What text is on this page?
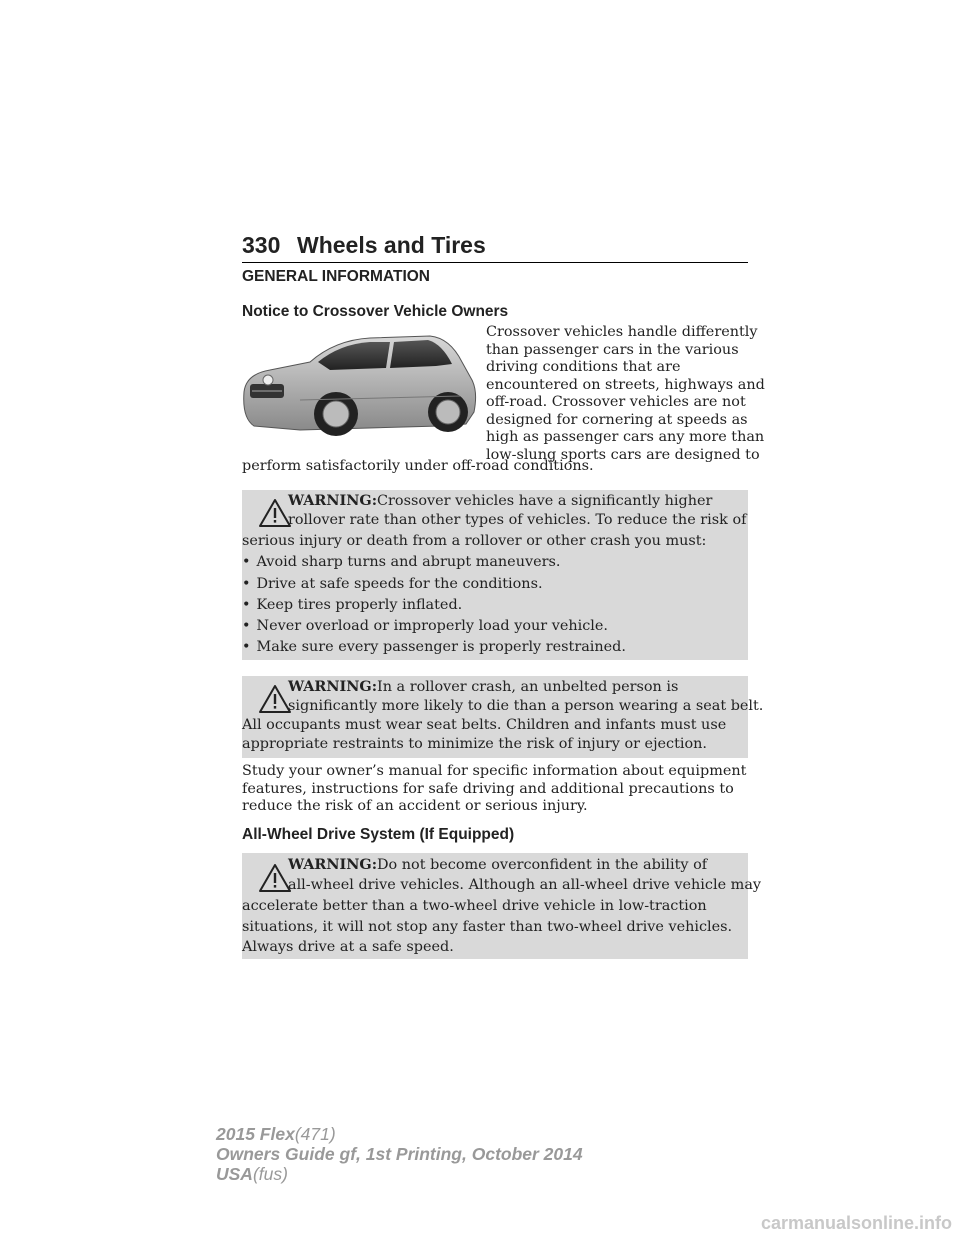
330 Wheels and Tires
GENERAL INFORMATION
Notice to Crossover Vehicle Owners
Crossover vehicles handle differently
than passenger cars in the various
driving conditions that are
encountered on streets, highways and
off-road. Crossover vehicles are not
designed for cornering at speeds as
high as passenger cars any more than
low-slung sports cars are designed to
perform satisfactorily under off-road conditions.
WARNING:Crossover vehicles have a significantly higher
rollover rate than other types of vehicles. To reduce the risk of
serious injury or death from a rollover or other crash you must:
• Avoid sharp turns and abrupt maneuvers.
• Drive at safe speeds for the conditions.
• Keep tires properly inflated.
• Never overload or improperly load your vehicle.
• Make sure every passenger is properly restrained.
WARNING:In a rollover crash, an unbelted person is
significantly more likely to die than a person wearing a seat belt.
All occupants must wear seat belts. Children and infants must use
appropriate restraints to minimize the risk of injury or ejection.
Study your owner’s manual for specific information about equipment
features, instructions for safe driving and additional precautions to
reduce the risk of an accident or serious injury.
All-Wheel Drive System (If Equipped)
WARNING:Do not become overconfident in the ability of
all-wheel drive vehicles. Although an all-wheel drive vehicle may
accelerate better than a two-wheel drive vehicle in low-traction
situations, it will not stop any faster than two-wheel drive vehicles.
Always drive at a safe speed.
2015 Flex(471)
Owners Guide gf, 1st Printing, October 2014
USA(fus)
carmanualsonline.info
